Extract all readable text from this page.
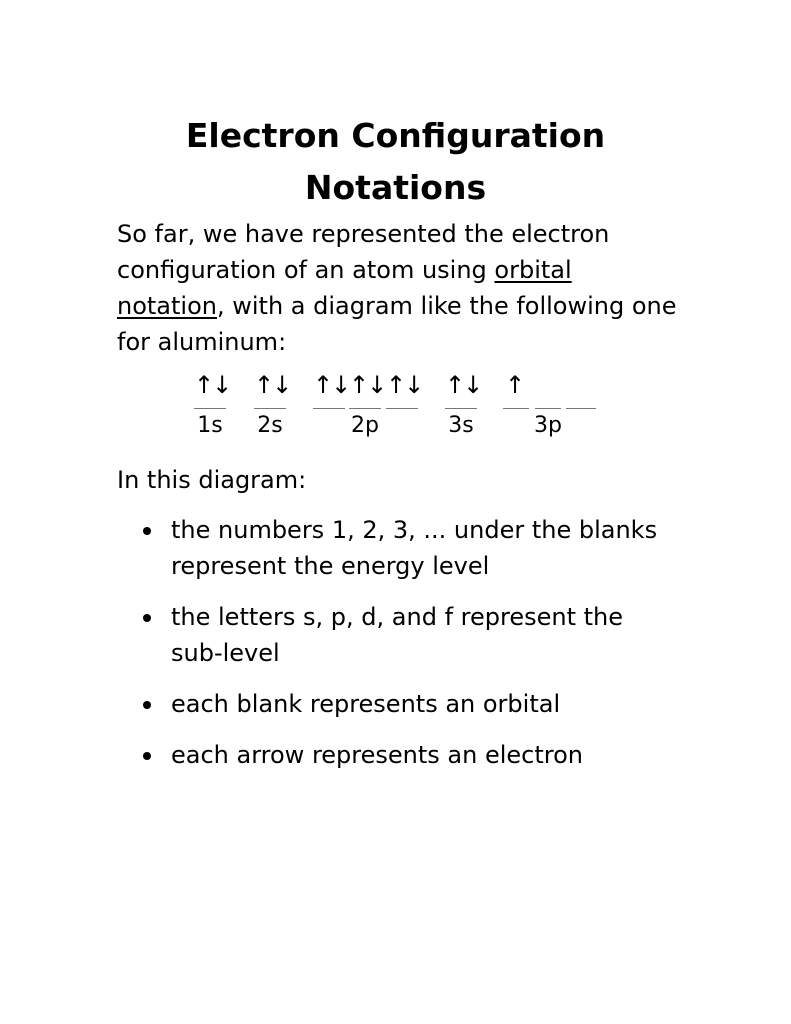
Electron Configuration
Notations

So far, we have represented the electron
configuration of an atom using orbital
notation, with a diagram like the following one
for aluminum:

↑↓ ↑↓ ↑↓ ↑↓ ↑↓ ↑↓ ↑
1s	2s	2p	3s	3p

In this diagram:

the numbers 1, 2, 3, ... under the blanks
represent the energy level
the letters s, p, d, and f represent the
sub-level
each blank represents an orbital
each arrow represents an electron
